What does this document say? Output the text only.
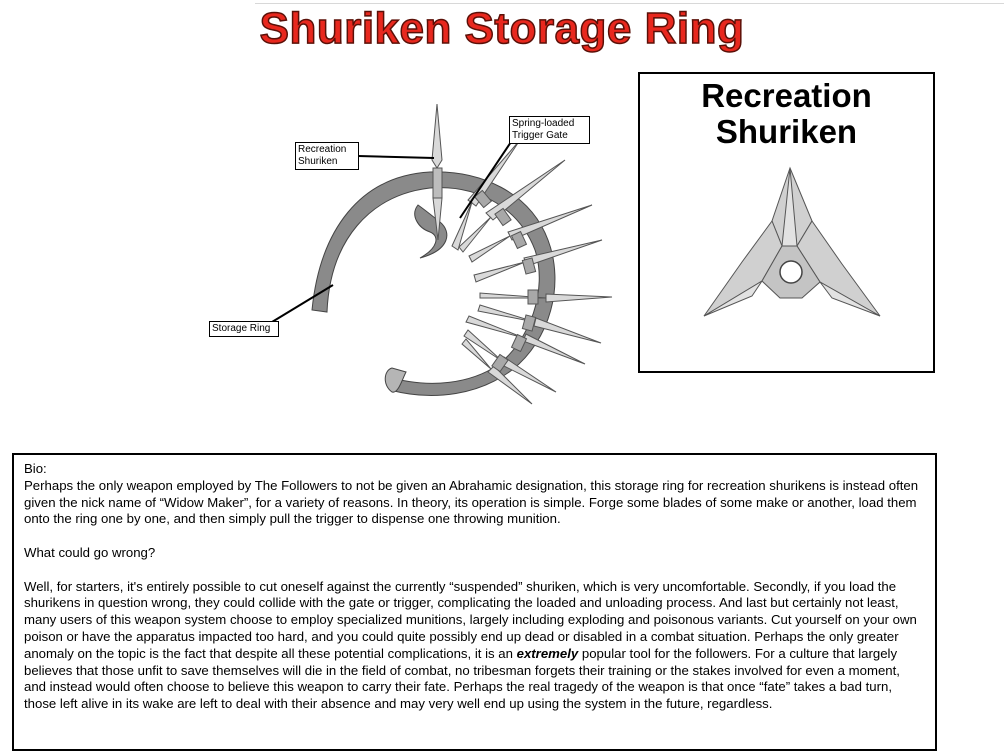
Shuriken Storage Ring
Recreation
Shuriken
Spring-loaded
Trigger Gate
Storage Ring
Recreation
Shuriken

Bio:

Perhaps the only weapon employed by The Followers to not be given an Abrahamic designation, this storage ring for recreation shurikens is instead often given the nick name of “Widow Maker”, for a variety of reasons. In theory, its operation is simple. Forge some blades of some make or another, load them onto the ring one by one, and then simply pull the trigger to dispense one throwing munition.

What could go wrong?

Well, for starters, it's entirely possible to cut oneself against the currently “suspended” shuriken, which is very uncomfortable. Secondly, if you load the shurikens in question wrong, they could collide with the gate or trigger, complicating the loaded and unloading process. And last but certainly not least, many users of this weapon system choose to employ specialized munitions, largely including exploding and poisonous variants. Cut yourself on your own poison or have the apparatus impacted too hard, and you could quite possibly end up dead or disabled in a combat situation. Perhaps the only greater anomaly on the topic is the fact that despite all these potential complications, it is an extremely popular tool for the followers. For a culture that largely believes that those unfit to save themselves will die in the field of combat, no tribesman forgets their training or the stakes involved for even a moment, and instead would often choose to believe this weapon to carry their fate. Perhaps the real tragedy of the weapon is that once “fate” takes a bad turn, those left alive in its wake are left to deal with their absence and may very well end up using the system in the future, regardless.
